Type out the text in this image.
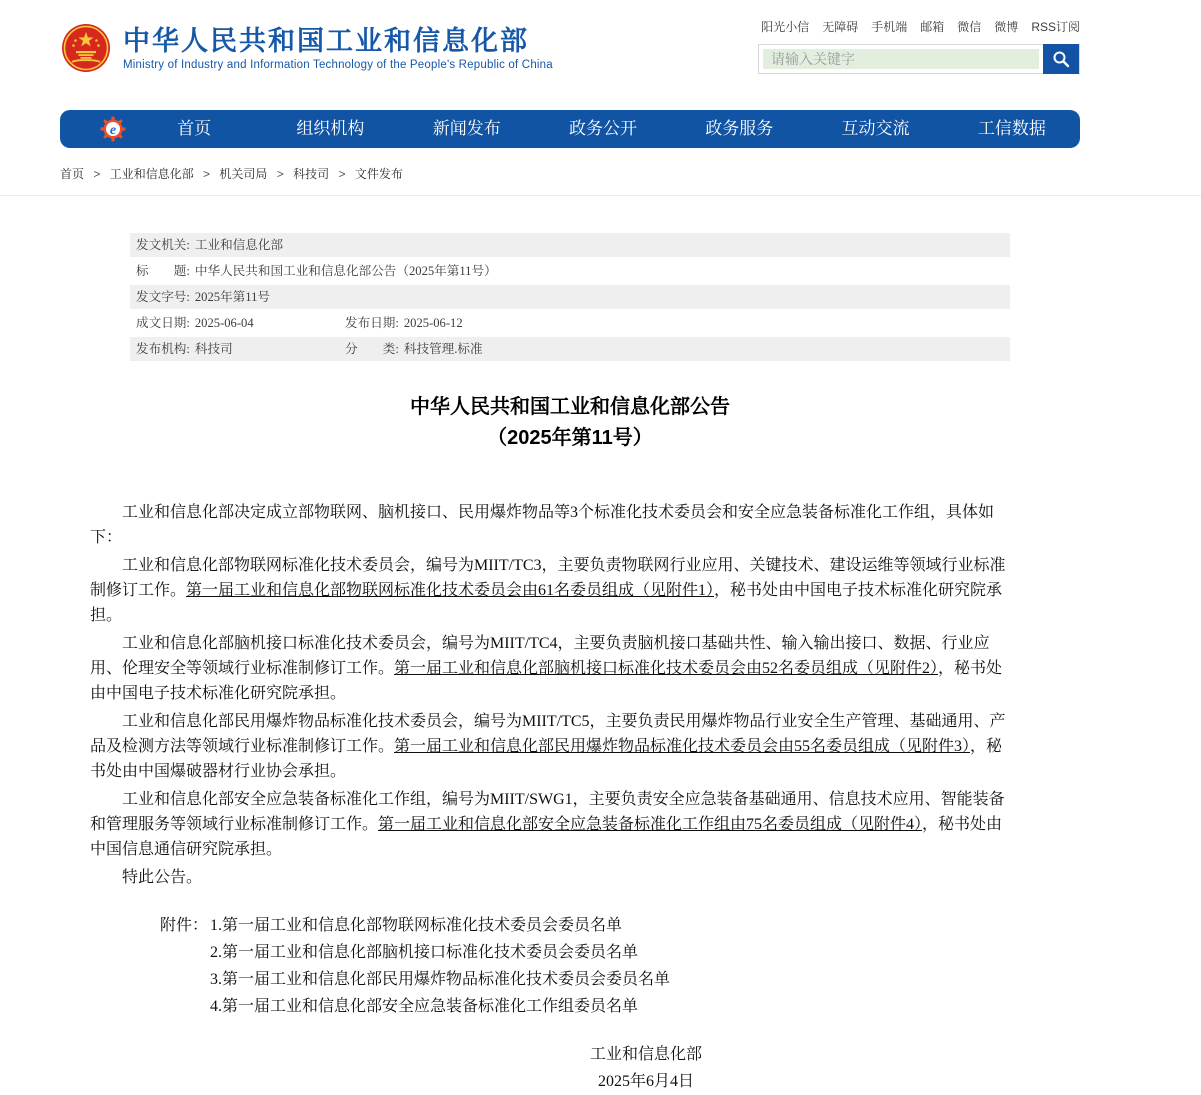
中华人民共和国工业和信息化部
Ministry of Industry and Information Technology of the People's Republic of China
阳光小信 无障碍 手机端 邮箱 微信 微博 RSS订阅
请输入关键字
e	首页	组织机构	新闻发布	政务公开	政务服务	互动交流	工信数据
首页 > 工业和信息化部 > 机关司局 > 科技司 > 文件发布
发文机关: 工业和信息化部
标　　题: 中华人民共和国工业和信息化部公告（2025年第11号）
发文字号: 2025年第11号
成文日期: 2025-06-04	发布日期: 2025-06-12
发布机构: 科技司	分　　类: 科技管理.标准
中华人民共和国工业和信息化部公告
（2025年第11号）

工业和信息化部决定成立部物联网、脑机接口、民用爆炸物品等3个标准化技术委员会和安全应急装备标准化工作组，具体如下：

工业和信息化部物联网标准化技术委员会，编号为MIIT/TC3，主要负责物联网行业应用、关键技术、建设运维等领域行业标准制修订工作。第一届工业和信息化部物联网标准化技术委员会由61名委员组成（见附件1），秘书处由中国电子技术标准化研究院承担。

工业和信息化部脑机接口标准化技术委员会，编号为MIIT/TC4，主要负责脑机接口基础共性、输入输出接口、数据、行业应用、伦理安全等领域行业标准制修订工作。第一届工业和信息化部脑机接口标准化技术委员会由52名委员组成（见附件2），秘书处由中国电子技术标准化研究院承担。

工业和信息化部民用爆炸物品标准化技术委员会，编号为MIIT/TC5，主要负责民用爆炸物品行业安全生产管理、基础通用、产品及检测方法等领域行业标准制修订工作。第一届工业和信息化部民用爆炸物品标准化技术委员会由55名委员组成（见附件3），秘书处由中国爆破器材行业协会承担。

工业和信息化部安全应急装备标准化工作组，编号为MIIT/SWG1，主要负责安全应急装备基础通用、信息技术应用、智能装备和管理服务等领域行业标准制修订工作。第一届工业和信息化部安全应急装备标准化工作组由75名委员组成（见附件4），秘书处由中国信息通信研究院承担。

特此公告。

附件： 1.第一届工业和信息化部物联网标准化技术委员会委员名单
2.第一届工业和信息化部脑机接口标准化技术委员会委员名单
3.第一届工业和信息化部民用爆炸物品标准化技术委员会委员名单
4.第一届工业和信息化部安全应急装备标准化工作组委员名单
工业和信息化部
2025年6月4日
